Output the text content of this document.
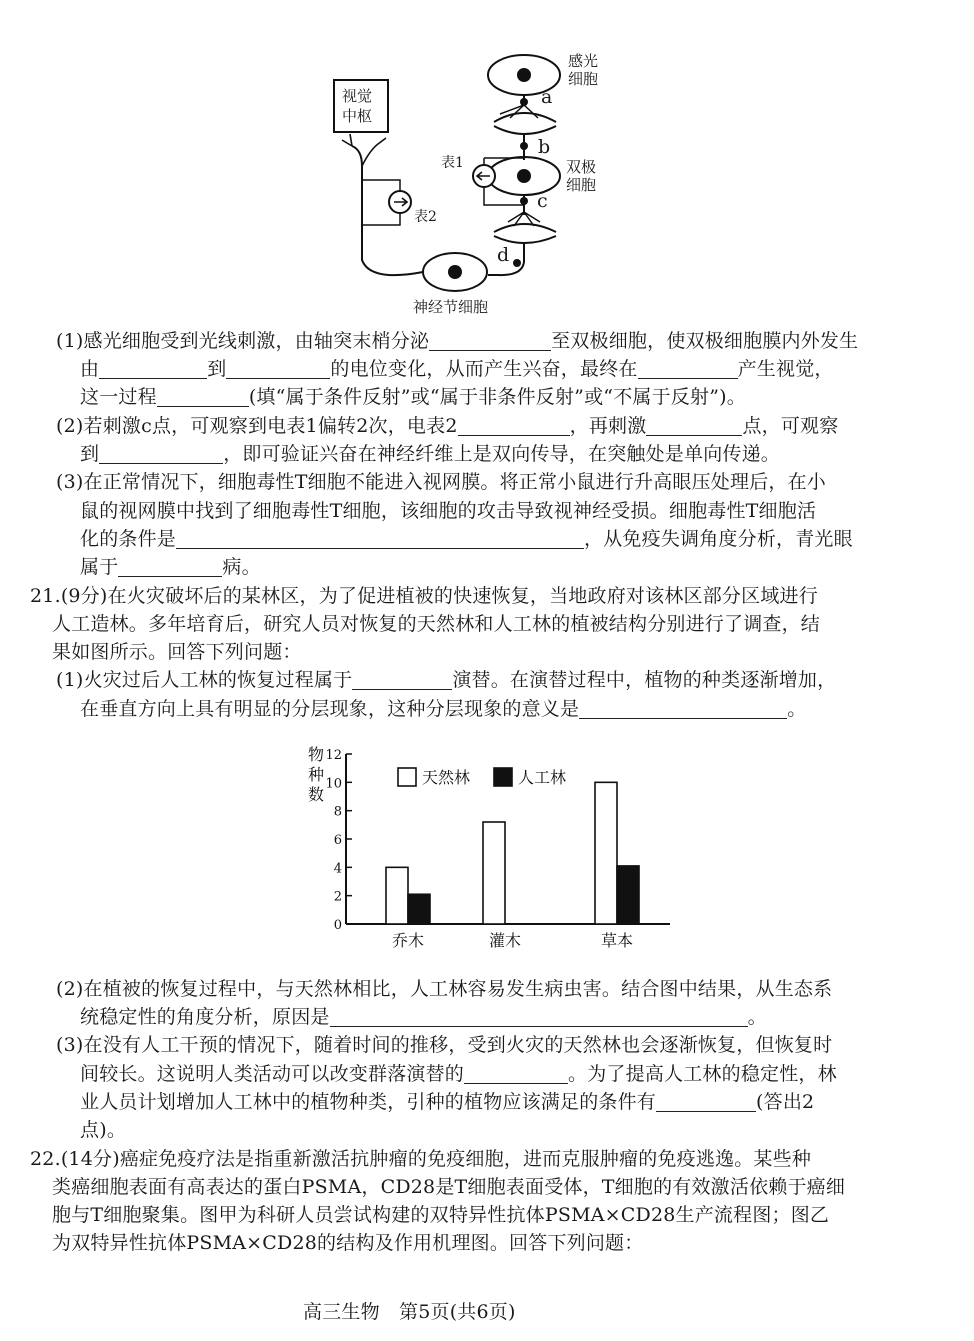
视觉
中枢
感光
细胞
双极
细胞
神经节细胞
表1
表2
a
b
c
d
(1)感光细胞受到光线刺激，由轴突末梢分泌	至双极细胞，使双极细胞膜内外发生
由	到	的电位变化，从而产生兴奋，最终在	产生视觉，
这一过程	(填“属于条件反射”或“属于非条件反射”或“不属于反射”)。
(2)若刺激c点，可观察到电表1偏转2次，电表2	，再刺激	点，可观察
到	，即可验证兴奋在神经纤维上是双向传导，在突触处是单向传递。
(3)在正常情况下，细胞毒性T细胞不能进入视网膜。将正常小鼠进行升高眼压处理后，在小
鼠的视网膜中找到了细胞毒性T细胞，该细胞的攻击导致视神经受损。细胞毒性T细胞活
化的条件是	，从免疫失调角度分析，青光眼
属于	病。
21.(9分)在火灾破坏后的某林区，为了促进植被的快速恢复，当地政府对该林区部分区域进行
人工造林。多年培育后，研究人员对恢复的天然林和人工林的植被结构分别进行了调查，结
果如图所示。回答下列问题：
(1)火灾过后人工林的恢复过程属于	演替。在演替过程中，植物的种类逐渐增加，
在垂直方向上具有明显的分层现象，这种分层现象的意义是	。
0
2
4
6
8
10
12
物
种
数
乔木	灌木	草本
天然林	人工林
(2)在植被的恢复过程中，与天然林相比，人工林容易发生病虫害。结合图中结果，从生态系
统稳定性的角度分析，原因是	。
(3)在没有人工干预的情况下，随着时间的推移，受到火灾的天然林也会逐渐恢复，但恢复时
间较长。这说明人类活动可以改变群落演替的	。为了提高人工林的稳定性，林
业人员计划增加人工林中的植物种类，引种的植物应该满足的条件有	(答出2
点)。
22.(14分)癌症免疫疗法是指重新激活抗肿瘤的免疫细胞，进而克服肿瘤的免疫逃逸。某些种
类癌细胞表面有高表达的蛋白PSMA，CD28是T细胞表面受体，T细胞的有效激活依赖于癌细
胞与T细胞聚集。图甲为科研人员尝试构建的双特异性抗体PSMA×CD28生产流程图；图乙
为双特异性抗体PSMA×CD28的结构及作用机理图。回答下列问题：
高三生物　第5页(共6页)
